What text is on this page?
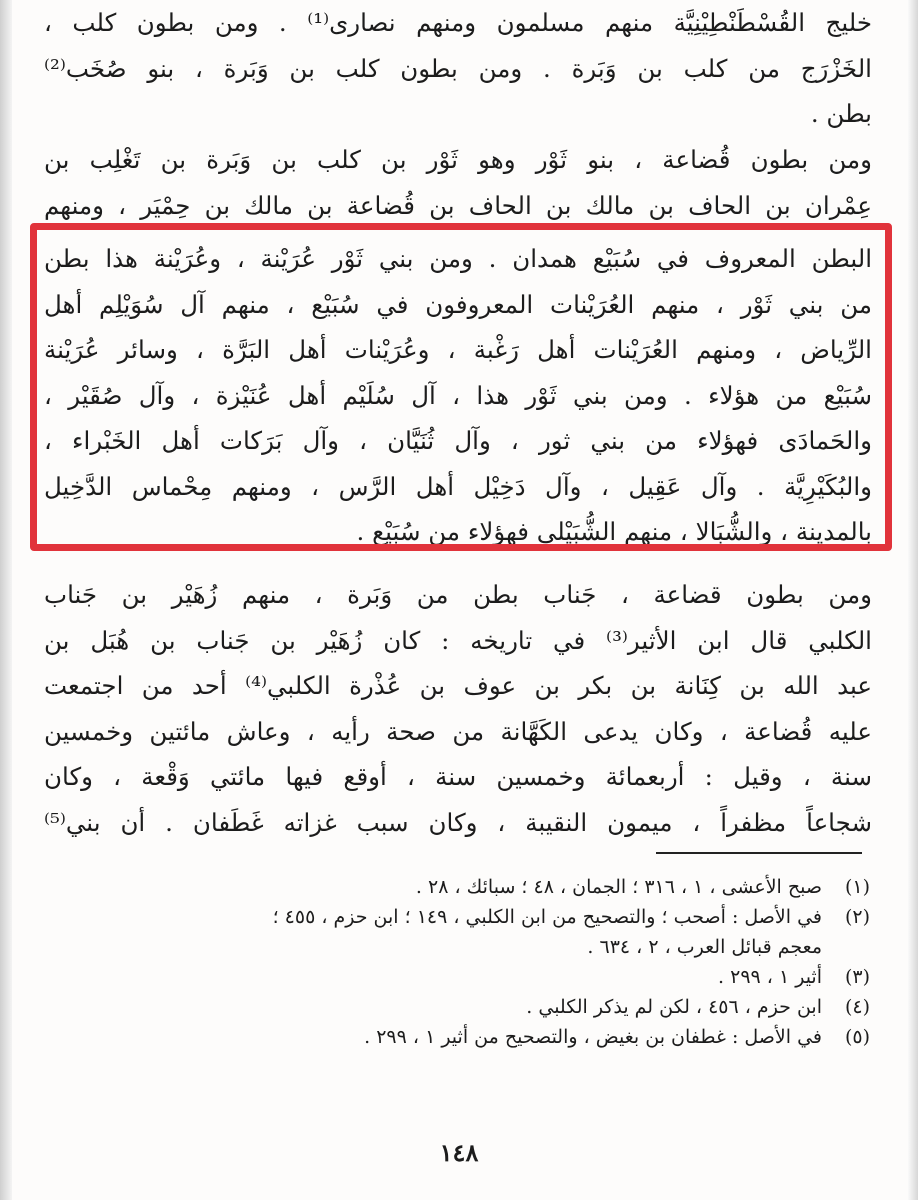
خليج القُسْطَنْطِيْنِيَّة منهم مسلمون ومنهم نصارى⁽¹⁾ . ومن بطون كلب ،
الخَزْرَج من كلب بن وَبَرة . ومن بطون كلب بن وَبَرة ، بنو صُخَب⁽²⁾
بطن .

ومن بطون قُضاعة ، بنو ثَوْر وهو ثَوْر بن كلب بن وَبَرة بن تَغْلِب بن
عِمْران بن الحاف بن مالك بن الحاف بن قُضاعة بن مالك بن حِمْيَر ، ومنهم

البطن المعروف في سُبَيْع همدان . ومن بني ثَوْر عُرَيْنة ، وعُرَيْنة هذا بطن
من بني ثَوْر ، منهم العُرَيْنات المعروفون في سُبَيْع ، منهم آل سُوَيْلِم أهل
الرِّياض ، ومنهم العُرَيْنات أهل رَغْبة ، وعُرَيْنات أهل البَرَّة ، وسائر عُرَيْنة
سُبَيْع من هؤلاء . ومن بني ثَوْر هذا ، آل سُلَيْم أهل عُنَيْزة ، وآل صُقَيْر ،
والحَمادَى فهؤلاء من بني ثور ، وآل ثُنَيَّان ، وآل بَرَكات أهل الخَبْراء ،
والبُكَيْرِيَّة . وآل عَقِيل ، وآل دَخِيْل أهل الرَّس ، ومنهم مِحْماس الدَّخِيل
بالمدينة ، والشُّبَالا ، منهم الشُّبَيْلي فهؤلاء من سُبَيْع .

ومن بطون قضاعة ، جَناب بطن من وَبَرة ، منهم زُهَيْر بن جَناب
الكلبي قال ابن الأثير⁽³⁾ في تاريخه : كان زُهَيْر بن جَناب بن هُبَل بن
عبد الله بن كِنَانة بن بكر بن عوف بن عُذْرة الكلبي⁽⁴⁾ أحد من اجتمعت
عليه قُضاعة ، وكان يدعى الكَهَّانة من صحة رأيه ، وعاش مائتين وخمسين
سنة ، وقيل : أربعمائة وخمسين سنة ، أوقع فيها مائتي وَقْعة ، وكان
شجاعاً مظفراً ، ميمون النقيبة ، وكان سبب غزاته غَطَفان . أن بني⁽⁵⁾

(١)
صبح الأعشى ، ١ ، ٣١٦ ؛ الجمان ، ٤٨ ؛ سبائك ، ٢٨ .
(٢)
في الأصل : أصحب ؛ والتصحيح من ابن الكلبي ، ١٤٩ ؛ ابن حزم ، ٤٥٥ ؛
معجم قبائل العرب ، ٢ ، ٦٣٤ .
(٣)
أثير ١ ، ٢٩٩ .
(٤)
ابن حزم ، ٤٥٦ ، لكن لم يذكر الكلبي .
(٥)
في الأصل : غطفان بن بغيض ، والتصحيح من أثير ١ ، ٢٩٩ .
١٤٨
